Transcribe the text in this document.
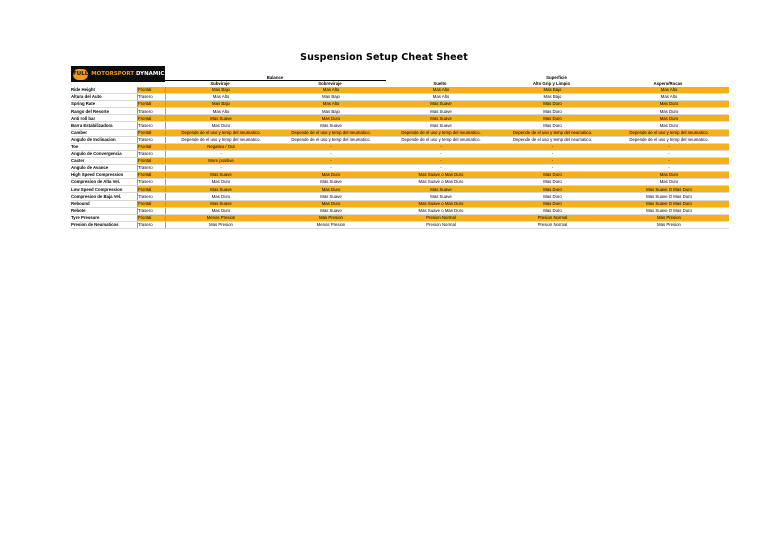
Suspension Setup Cheat Sheet
FULL MOTORSPORT DYNAMICS
Balance	Superficie
Subviraje	Sobreviraje	Suelto	Alto Grip y Limpio	Aspero/Rocas
Ride Height	Frontal	Mas Bajo	Mas Alto	Mas Alto	Mas Bajo	Mas Alto
Altura del Auto	Trasero	Mas Alto	Mas Bajo	Mas Alto	Mas Bajo	Mas Alto
Spring Rate	Frontal	Mas Bajo	Mas Alto	Mas Suave	Mas Duro	Mas Duro
Rango del Resorte	Trasero	Mas Alto	Mas Bajo	Mas Suave	Mas Duro	Mas Duro
Anti roll bar	Frontal	Mas Suave	Mas Duro	Mas Suave	Mas Duro	Mas Duro
Barra Estabilizadora	Trasero	Mas Duro	Mas Suave	Mas Suave	Mas Duro	Mas Duro
Camber	Frontal	Depende de el uso y temp del neumatico.	Depende de el uso y temp del neumatico.	Depende de el uso y temp del neumatico.	Depende de el uso y temp del neumatico.	Depende de el uso y temp del neumatico.
Angulo de Inclinacion	Trasero	Depende de el uso y temp del neumatico.	Depende de el uso y temp del neumatico.	Depende de el uso y temp del neumatico.	Depende de el uso y temp del neumatico.	Depende de el uso y temp del neumatico.
Toe	Frontal	Negativo / Out	-	-	-	-
Angulo de Convergencia	Trasero	-	-	-	-	-
Caster	Frontal	More positive	-	-	-	-
Angulo de Avance	Trasero	-	-	-	-	-
High Speed Compression	Frontal	Mas Suave	Mas Duro	Mas Suave o Mas Duro	Mas Duro	Mas Duro
Compresion de Alta Vel.	Trasero	Mas Duro	Mas Suave	Mas Suave o Mas Duro	Mas Duro	Mas Duro
Low Speed Compression	Frontal	Mas Suave	Mas Duro	Mas Suave	Mas Duro	Mas Suave O Mas Duro
Compresion de Baja Vel.	Trasero	Mas Duro	Mas Suave	Mas Suave	Mas Duro	Mas Suave O Mas Duro
Rebound	Frontal	Mas Suave	Mas Duro	Mas Suave o Mas Duro	Mas Duro	Mas Suave O Mas Duro
Rebote	Trasero	Mas Duro	Mas Suave	Mas Suave o Mas Duro	Mas Duro	Mas Suave O Mas Duro
Tyre Pressure	Frontal	Menos Presion	Mas Presion	Presion Normal	Presion Normal	Mas Presion
Presion de Neumaticos	Trasero	Mas Presion	Menos Presion	Presion Normal	Presion Normal	Mas Presion
